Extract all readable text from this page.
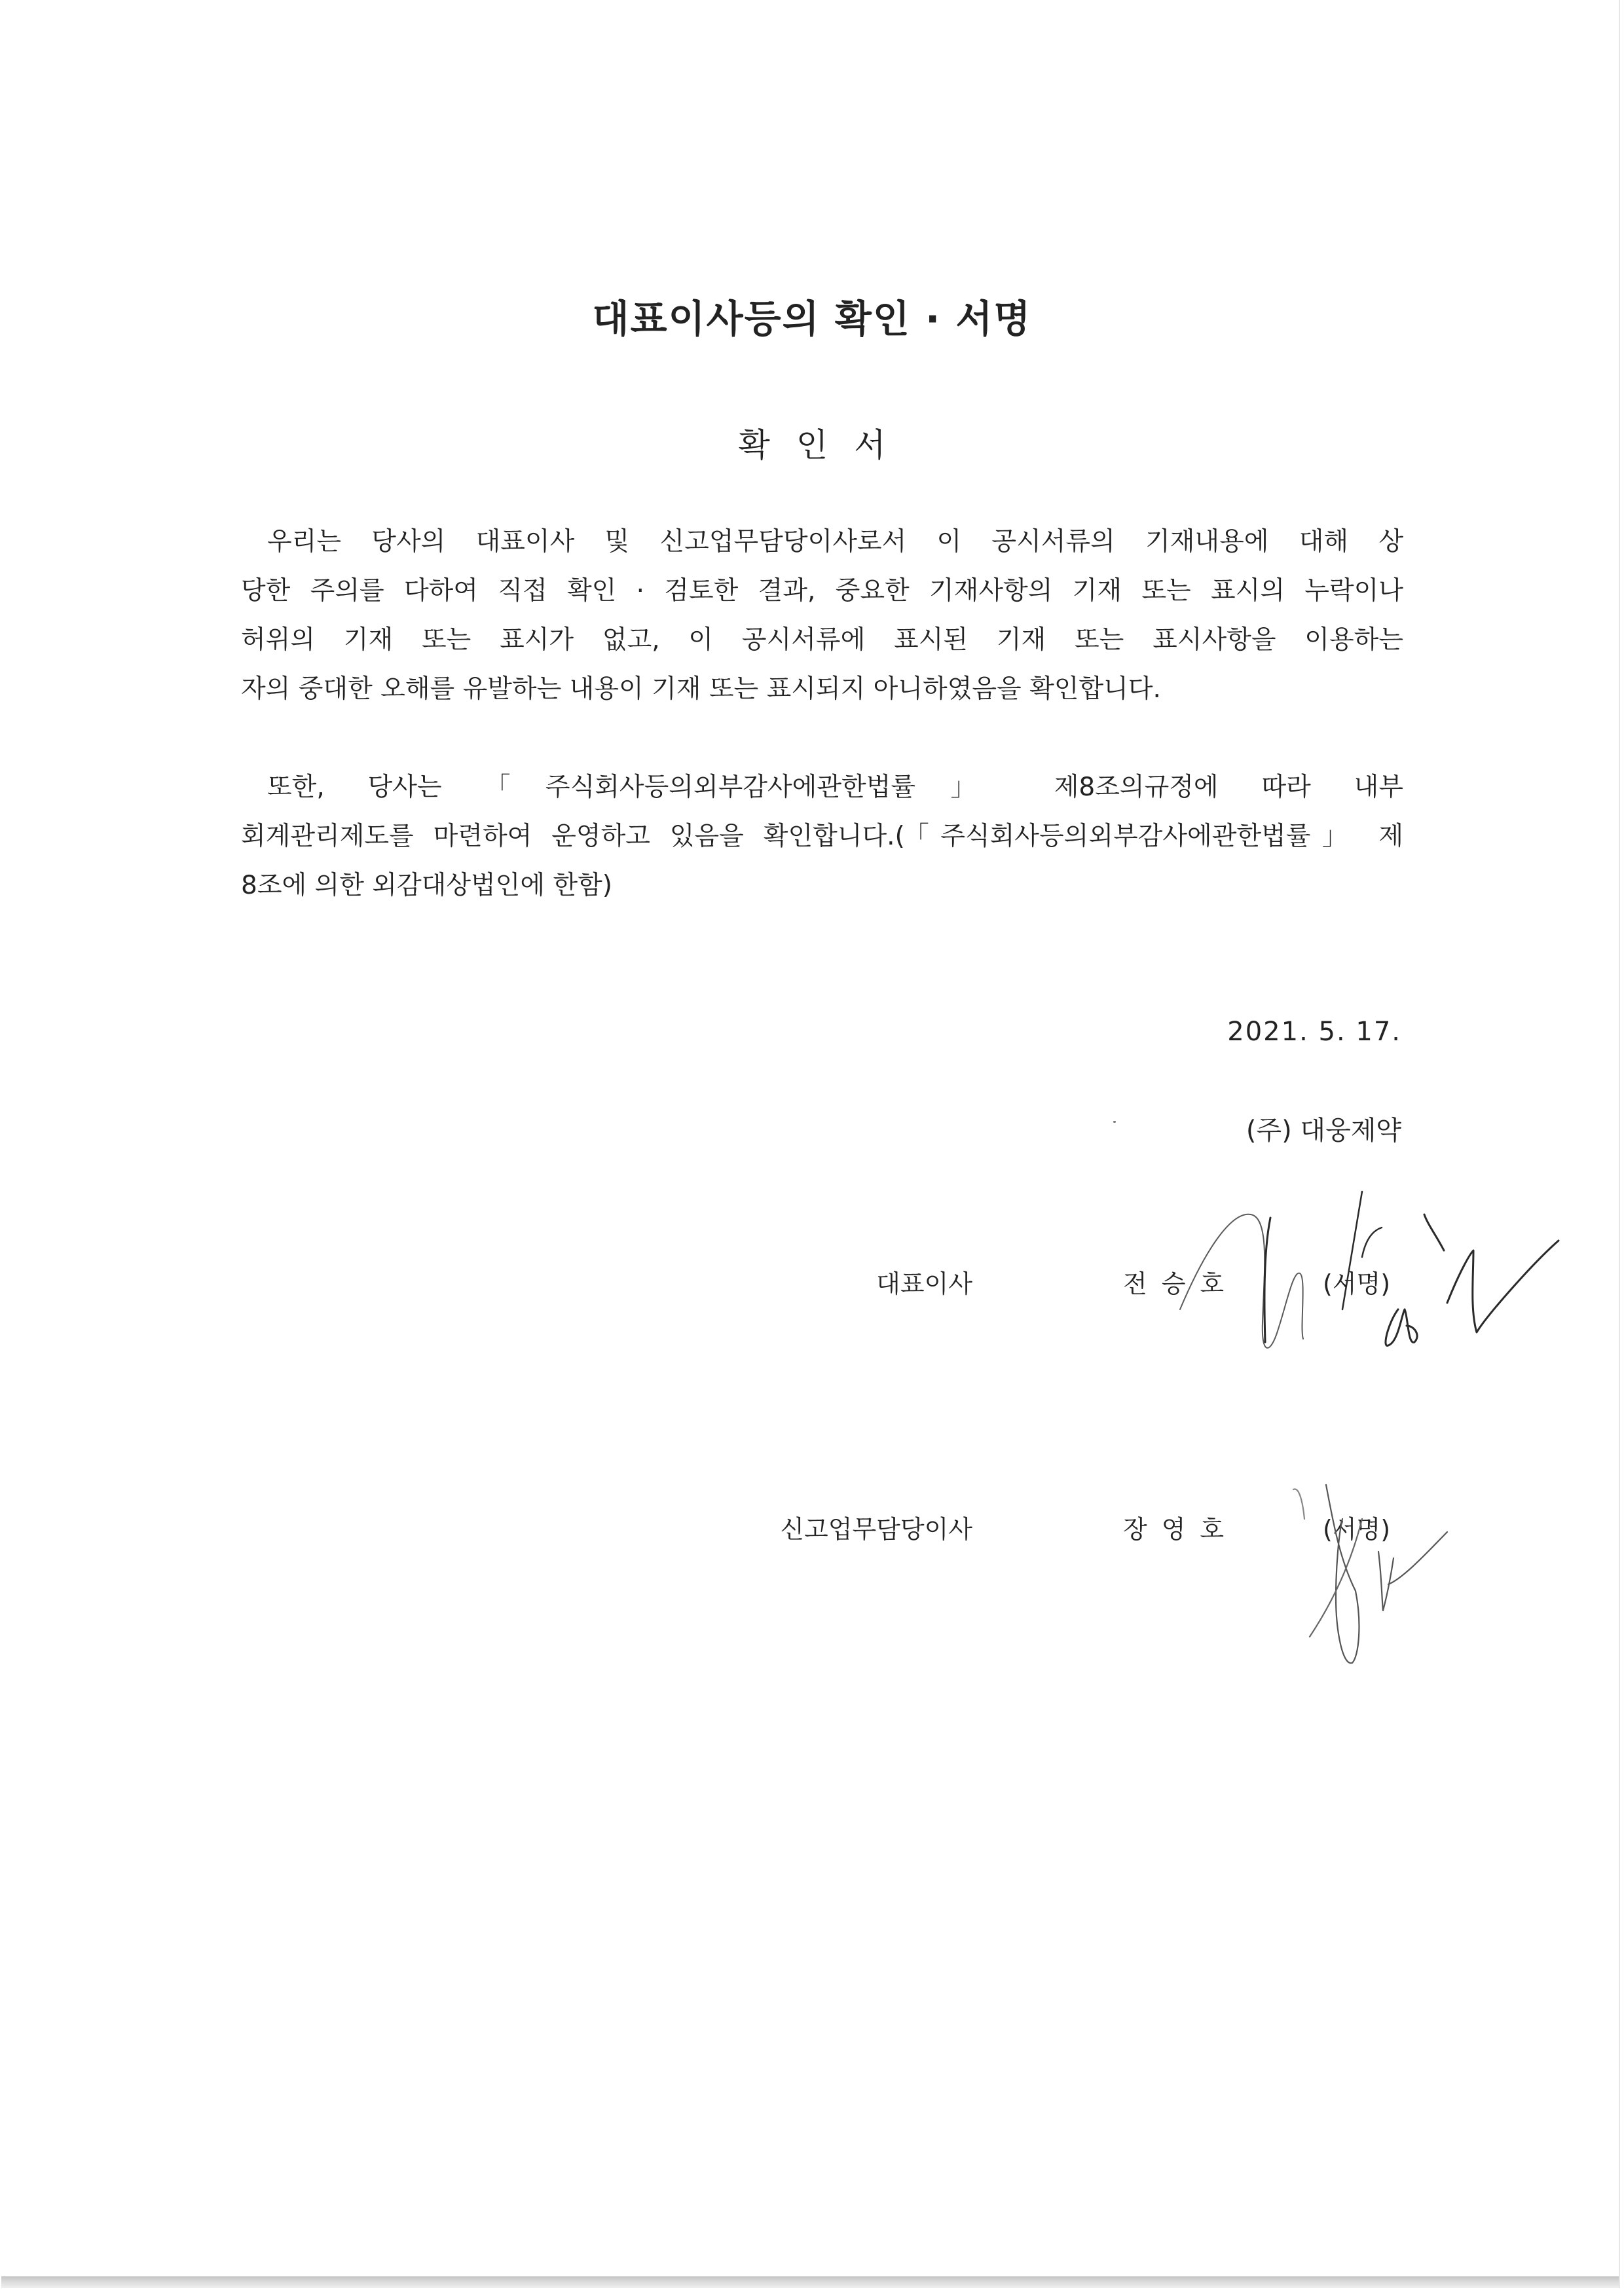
대표이사등의 확인 · 서명
확인서
우리는 당사의 대표이사 및 신고업무담당이사로서 이 공시서류의 기재내용에 대해 상
당한 주의를 다하여 직접 확인 · 검토한 결과, 중요한 기재사항의 기재 또는 표시의 누락이나
허위의 기재 또는 표시가 없고, 이 공시서류에 표시된 기재 또는 표시사항을 이용하는
자의 중대한 오해를 유발하는 내용이 기재 또는 표시되지 아니하였음을 확인합니다.
또한, 당사는 「주식회사등의외부감사에관한법률」 제8조의규정에 따라 내부
회계관리제도를 마련하여 운영하고 있음을 확인합니다.(「주식회사등의외부감사에관한법률」 제
8조에 의한 외감대상법인에 한함)
2021. 5. 17.
(주) 대웅제약
대표이사	전승호	(서명)
신고업무담당이사	장영호	(서명)
